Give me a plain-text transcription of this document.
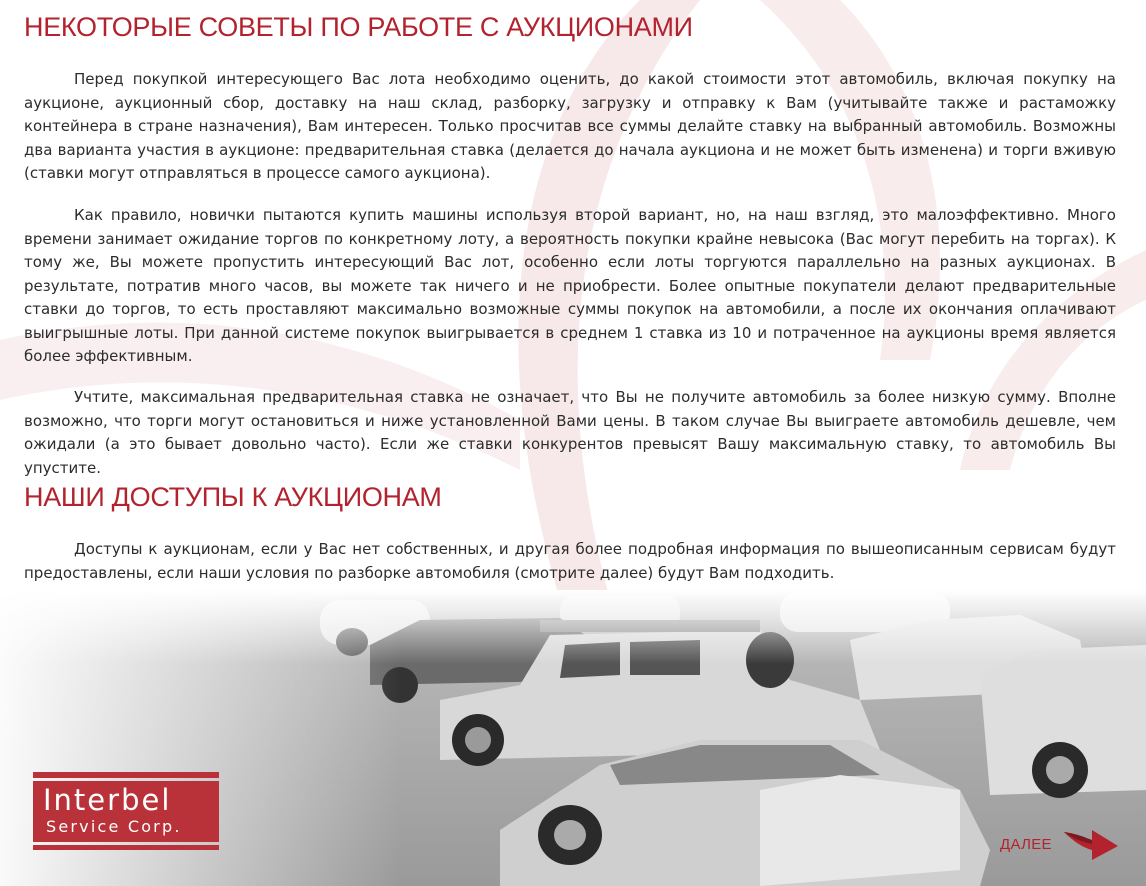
НЕКОТОРЫЕ СОВЕТЫ ПО РАБОТЕ С АУКЦИОНАМИ

Перед покупкой интересующего Вас лота необходимо оценить, до какой стоимости этот автомобиль, включая покупку на аукционе, аукционный сбор, доставку на наш склад, разборку, загрузку и отправку к Вам (учитывайте также и растаможку контейнера в стране назначения), Вам интересен. Только просчитав все суммы делайте ставку на выбранный автомобиль. Возможны два варианта участия в аукционе: предварительная ставка (делается до начала аукциона и не может быть изменена) и торги вживую (ставки могут отправляться в процессе самого аукциона).

Как правило, новички пытаются купить машины используя второй вариант, но, на наш взгляд, это малоэффективно. Много времени занимает ожидание торгов по конкретному лоту, а вероятность покупки крайне невысока (Вас могут перебить на торгах). К тому же, Вы можете пропустить интересующий Вас лот, особенно если лоты торгуются параллельно на разных аукционах. В результате, потратив много часов, вы можете так ничего и не приобрести. Более опытные покупатели делают предварительные ставки до торгов, то есть проставляют максимально возможные суммы покупок на автомобили, а после их окончания оплачивают выигрышные лоты. При данной системе покупок выигрывается в среднем 1 ставка из 10 и потраченное на аукционы время является более эффективным.

Учтите, максимальная предварительная ставка не означает, что Вы не получите автомобиль за более низкую сумму. Вполне возможно, что торги могут остановиться и ниже установленной Вами цены. В таком случае Вы выиграете автомобиль дешевле, чем ожидали (а это бывает довольно часто). Если же ставки конкурентов превысят Вашу максимальную ставку, то автомобиль Вы упустите.

НАШИ ДОСТУПЫ К АУКЦИОНАМ

Доступы к аукционам, если у Вас нет собственных, и другая более подробная информация по вышеописанным сервисам будут предоставлены, если наши условия по разборке автомобиля (смотрите далее) будут Вам подходить.

Interbel
Service Corp.
ДАЛЕЕ
